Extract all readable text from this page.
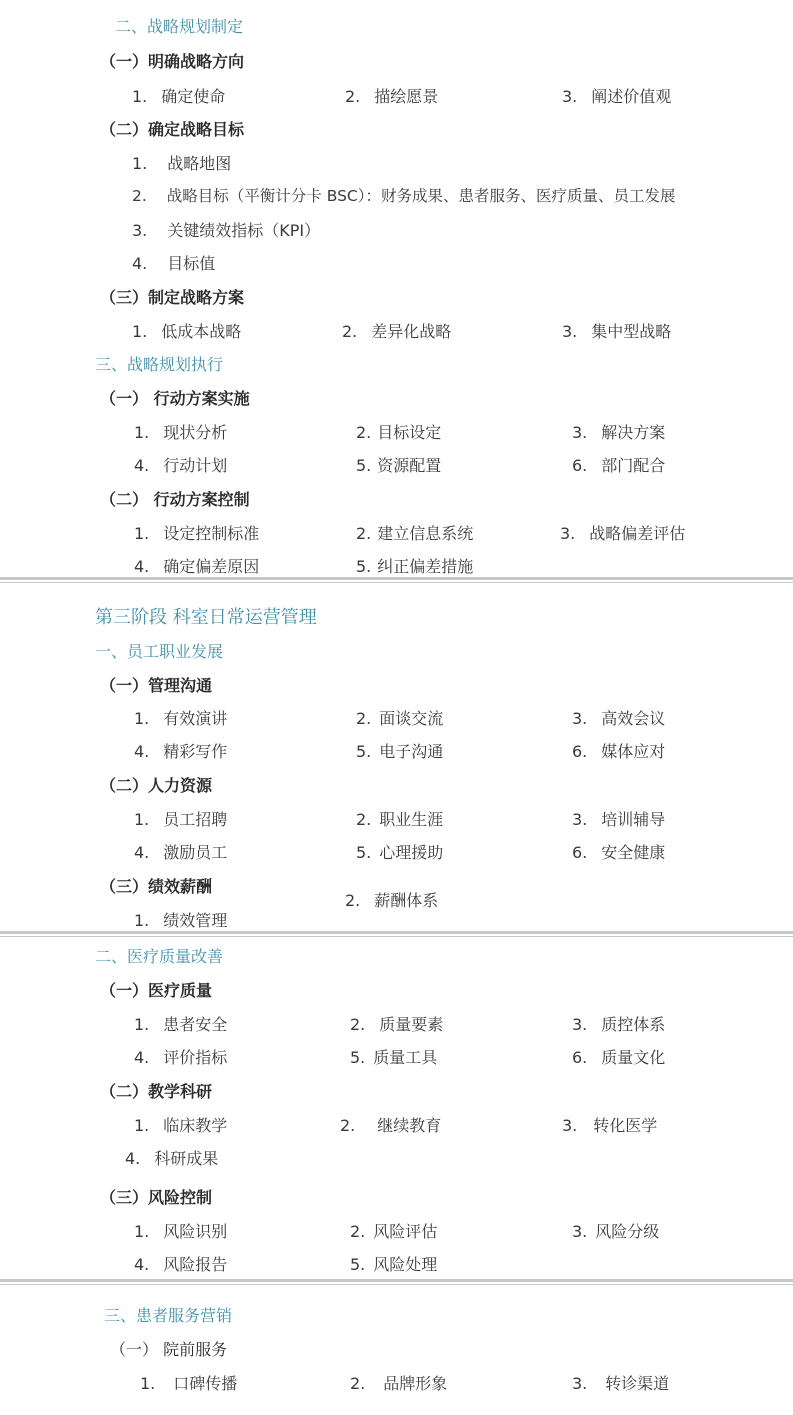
二、战略规划制定
（一）明确战略方向
1. 确定使命	2. 描绘愿景	3. 阐述价值观
（二）确定战略目标
1. 战略地图
2. 战略目标（平衡计分卡 BSC）：财务成果、患者服务、医疗质量、员工发展
3. 关键绩效指标（KPI）
4. 目标值
（三）制定战略方案
1. 低成本战略	2. 差异化战略	3. 集中型战略
三、战略规划执行
（一） 行动方案实施
1. 现状分析	2. 目标设定	3. 解决方案
4. 行动计划	5. 资源配置	6. 部门配合
（二） 行动方案控制
1. 设定控制标准	2. 建立信息系统	3. 战略偏差评估
4. 确定偏差原因	5. 纠正偏差措施
第三阶段 科室日常运营管理
一、员工职业发展
（一）管理沟通
1. 有效演讲	2. 面谈交流	3. 高效会议
4. 精彩写作	5. 电子沟通	6. 媒体应对
（二）人力资源
1. 员工招聘	2. 职业生涯	3. 培训辅导
4. 激励员工	5. 心理援助	6. 安全健康
（三）绩效薪酬
1. 绩效管理
2. 薪酬体系
二、医疗质量改善
（一）医疗质量
1. 患者安全	2. 质量要素	3. 质控体系
4. 评价指标	5. 质量工具	6. 质量文化
（二）教学科研
1. 临床教学	2. 继续教育	3. 转化医学
4. 科研成果
（三）风险控制
1. 风险识别	2. 风险评估	3. 风险分级
4. 风险报告	5. 风险处理
三、患者服务营销
（一） 院前服务
1. 口碑传播	2. 品牌形象	3. 转诊渠道
